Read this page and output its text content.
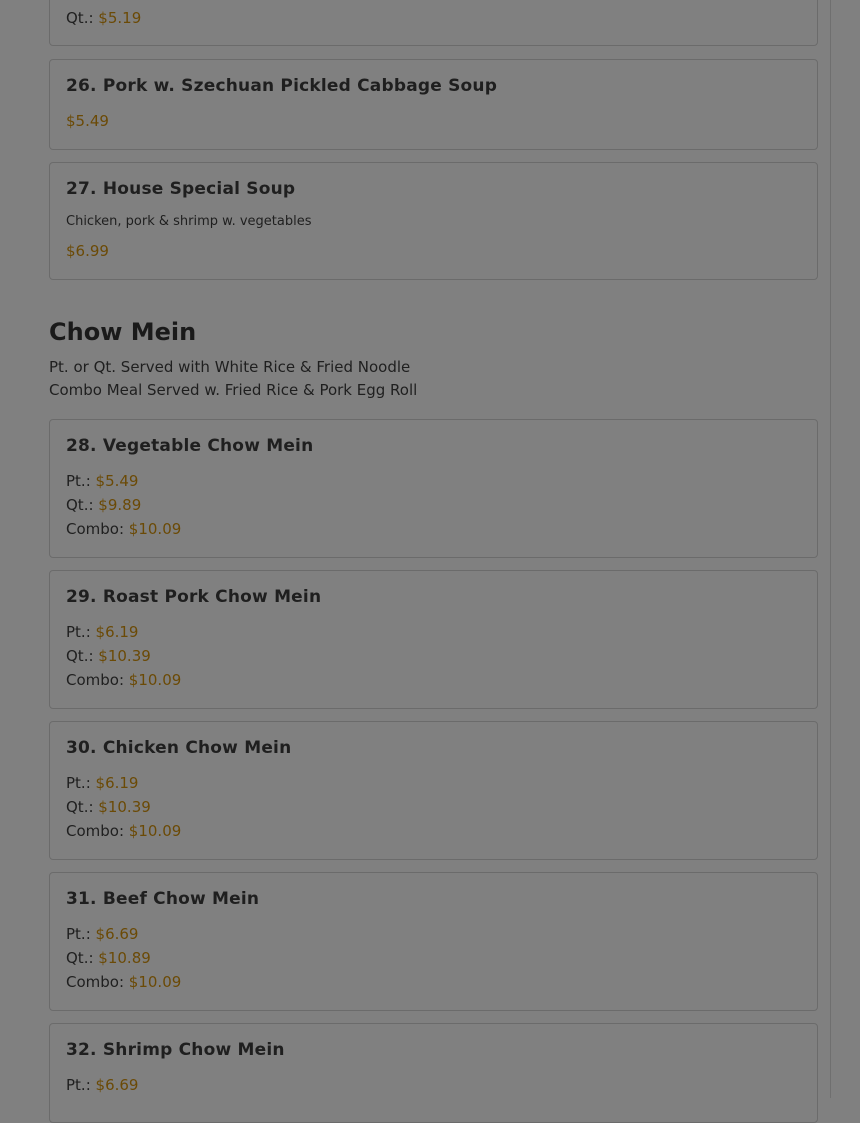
Qt.: $5.19
26. Pork w. Szechuan Pickled Cabbage Soup
$5.49
27. House Special Soup
Chicken, pork & shrimp w. vegetables
$6.99
Chow Mein
Pt. or Qt. Served with White Rice & Fried Noodle
Combo Meal Served w. Fried Rice & Pork Egg Roll
28. Vegetable Chow Mein
Pt.: $5.49
Qt.: $9.89
Combo: $10.09
29. Roast Pork Chow Mein
Pt.: $6.19
Qt.: $10.39
Combo: $10.09
30. Chicken Chow Mein
Pt.: $6.19
Qt.: $10.39
Combo: $10.09
31. Beef Chow Mein
Pt.: $6.69
Qt.: $10.89
Combo: $10.09
32. Shrimp Chow Mein
Pt.: $6.69
